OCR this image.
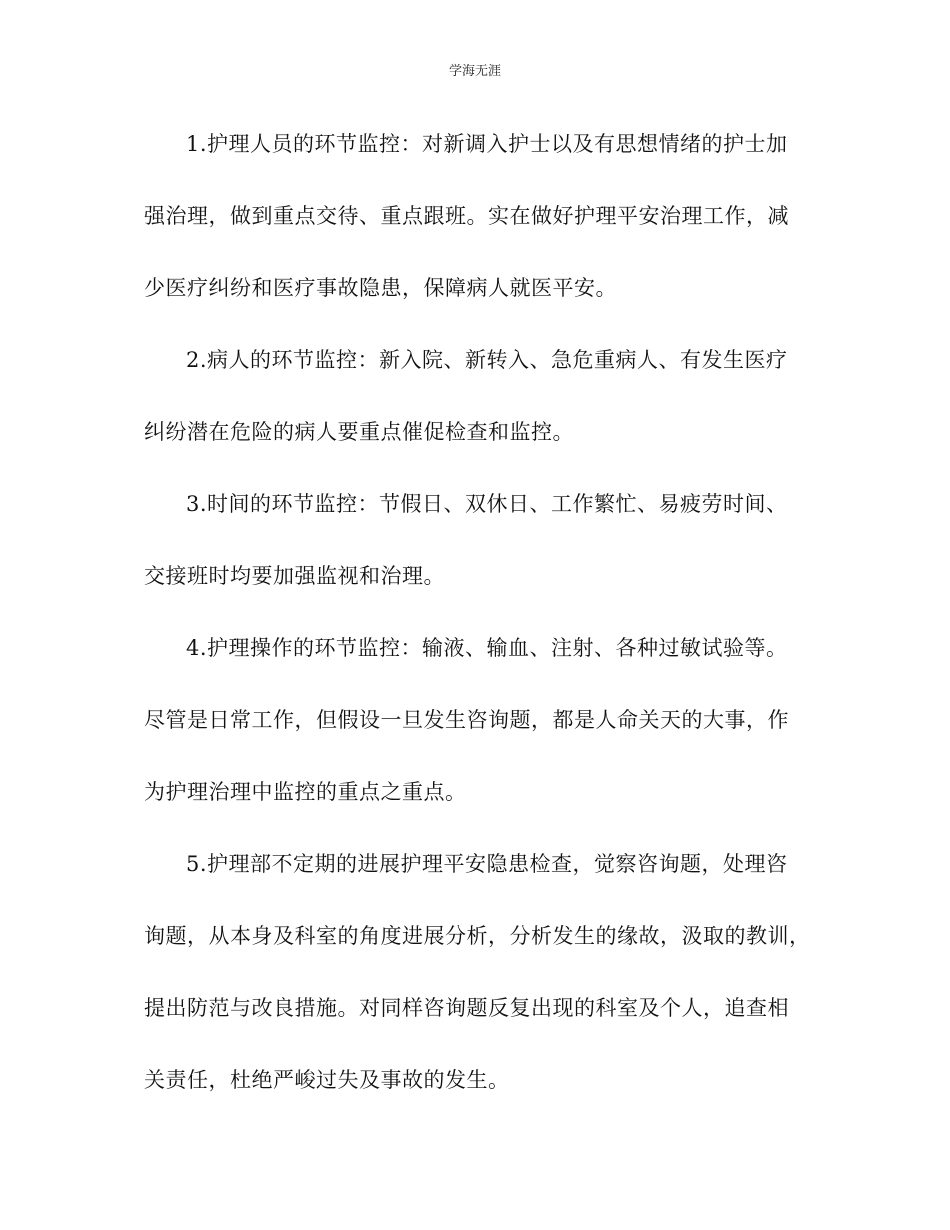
学海无涯
1.护理人员的环节监控：对新调入护士以及有思想情绪的护士加
强治理，做到重点交待、重点跟班。实在做好护理平安治理工作，减
少医疗纠纷和医疗事故隐患，保障病人就医平安。
2.病人的环节监控：新入院、新转入、急危重病人、有发生医疗
纠纷潜在危险的病人要重点催促检查和监控。
3.时间的环节监控：节假日、双休日、工作繁忙、易疲劳时间、
交接班时均要加强监视和治理。
4.护理操作的环节监控：输液、输血、注射、各种过敏试验等。
尽管是日常工作，但假设一旦发生咨询题，都是人命关天的大事，作
为护理治理中监控的重点之重点。
5.护理部不定期的进展护理平安隐患检查，觉察咨询题，处理咨
询题，从本身及科室的角度进展分析，分析发生的缘故，汲取的教训，
提出防范与改良措施。对同样咨询题反复出现的科室及个人，追查相
关责任，杜绝严峻过失及事故的发生。
